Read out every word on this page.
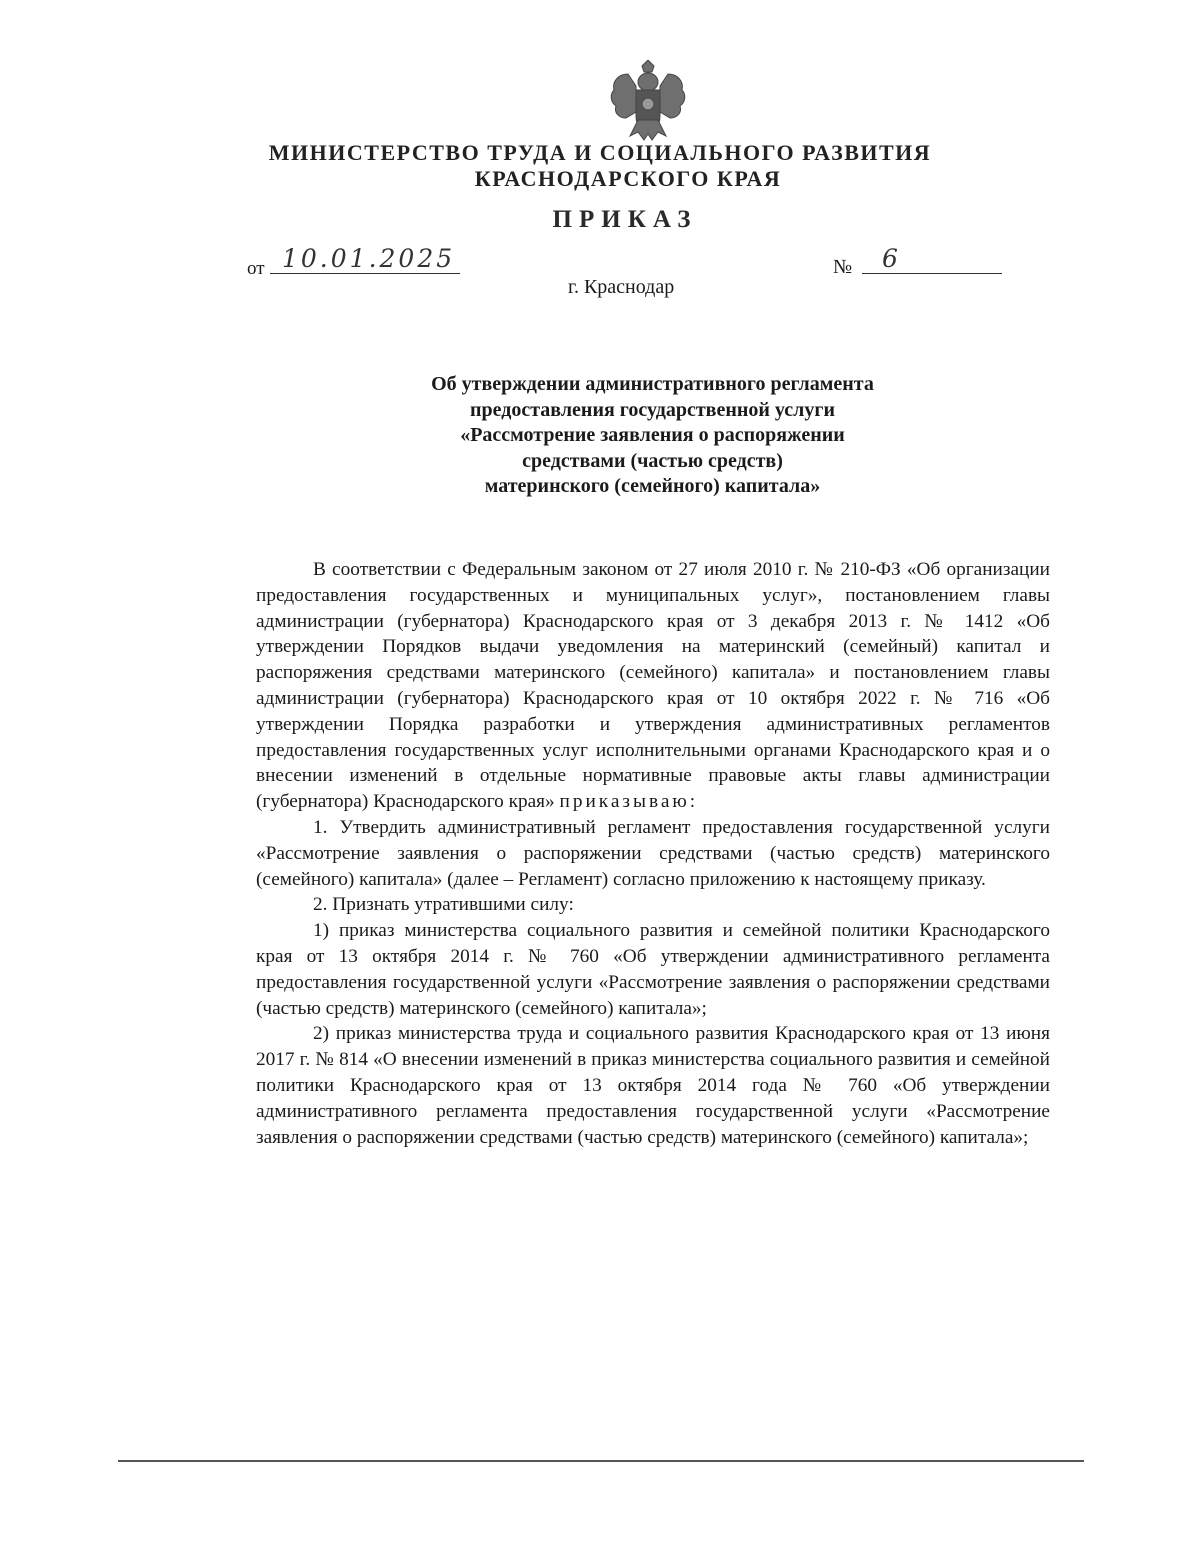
МИНИСТЕРСТВО ТРУДА И СОЦИАЛЬНОГО РАЗВИТИЯ
КРАСНОДАРСКОГО КРАЯ
ПРИКАЗ
от 10.01.2025	№	6
г. Краснодар
Об утверждении административного регламента
предоставления государственной услуги
«Рассмотрение заявления о распоряжении
средствами (частью средств)
материнского (семейного) капитала»

В соответствии с Федеральным законом от 27 июля 2010 г. № 210-ФЗ «Об организации предоставления государственных и муниципальных услуг», постановлением главы администрации (губернатора) Краснодарского края от 3 декабря 2013 г. № 1412 «Об утверждении Порядков выдачи уведомления на материнский (семейный) капитал и распоряжения средствами материнского (семейного) капитала» и постановлением главы администрации (губернатора) Краснодарского края от 10 октября 2022 г. № 716 «Об утверждении Порядка разработки и утверждения административных регламентов предоставления государственных услуг исполнительными органами Краснодарского края и о внесении изменений в отдельные нормативные правовые акты главы администрации (губернатора) Краснодарского края» приказываю:

1. Утвердить административный регламент предоставления государственной услуги «Рассмотрение заявления о распоряжении средствами (частью средств) материнского (семейного) капитала» (далее – Регламент) согласно приложению к настоящему приказу.

2. Признать утратившими силу:

1) приказ министерства социального развития и семейной политики Краснодарского края от 13 октября 2014 г. № 760 «Об утверждении административного регламента предоставления государственной услуги «Рассмотрение заявления о распоряжении средствами (частью средств) материнского (семейного) капитала»;

2) приказ министерства труда и социального развития Краснодарского края от 13 июня 2017 г. № 814 «О внесении изменений в приказ министерства социального развития и семейной политики Краснодарского края от 13 октября 2014 года № 760 «Об утверждении административного регламента предоставления государственной услуги «Рассмотрение заявления о распоряжении средствами (частью средств) материнского (семейного) капитала»;
